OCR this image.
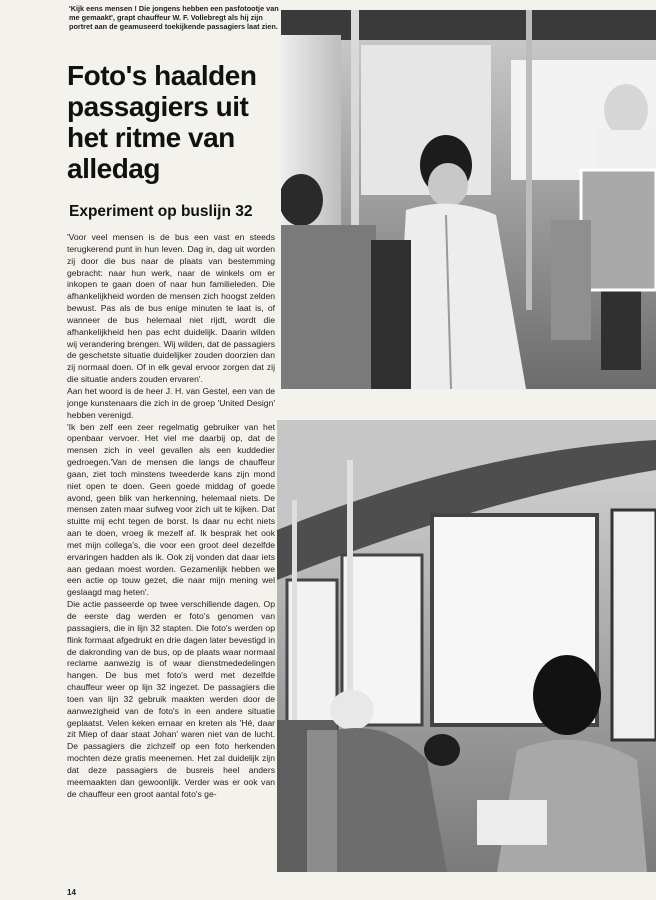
'Kijk eens mensen ! Die jongens hebben een pasfotootje van me gemaakt', grapt chauffeur W. F. Vollebregt als hij zijn portret aan de geamuseerd toekijkende passagiers laat zien.
Foto's haalden passagiers uit het ritme van alledag
Experiment op buslijn 32

'Voor veel mensen is de bus een vast en steeds terugkerend punt in hun leven. Dag in, dag uit worden zij door die bus naar de plaats van bestemming gebracht: naar hun werk, naar de winkels om er inkopen te gaan doen of naar hun familieleden. Die afhankelijkheid worden de mensen zich hoogst zelden bewust. Pas als de bus enige minuten te laat is, of wanneer de bus helemaal niet rijdt, wordt die afhankelijkheid hen pas echt duidelijk. Daarin wilden wij verandering brengen. Wij wilden, dat de passagiers de geschetste situatie duidelijker zouden doorzien dan zij normaal doen. Of in elk geval ervoor zorgen dat zij die situatie anders zouden ervaren'.

Aan het woord is de heer J. H. van Gestel, een van de jonge kunstenaars die zich in de groep 'United Design' hebben verenigd.

'Ik ben zelf een zeer regelmatig gebruiker van het openbaar vervoer. Het viel me daarbij op, dat de mensen zich in veel gevallen als een kuddedier gedroegen.'Van de mensen die langs de chauffeur gaan, ziet toch minstens tweederde kans zijn mond niet open te doen. Geen goede middag of goede avond, geen blik van herkenning, helemaal niets. De mensen zaten maar sufweg voor zich uit te kijken. Dat stuitte mij echt tegen de borst. Is daar nu echt niets aan te doen, vroeg ik mezelf af. Ik besprak het ook met mijn collega's, die voor een groot deel dezelfde ervaringen hadden als ik. Ook zij vonden dat daar iets aan gedaan moest worden. Gezamenlijk hebben we een actie op touw gezet, die naar mijn mening wel geslaagd mag heten'.

Die actie passeerde op twee verschillende dagen. Op de eerste dag werden er foto's genomen van passagiers, die in lijn 32 stapten. Die foto's werden op flink formaat afgedrukt en drie dagen later bevestigd in de dakronding van de bus, op de plaats waar normaal reclame aanwezig is of waar dienstmededelingen hangen. De bus met foto's werd met dezelfde chauffeur weer op lijn 32 ingezet. De passagiers die toen van lijn 32 gebruik maakten werden door de aanwezigheid van de foto's in een andere situatie geplaatst. Velen keken ernaar en kreten als 'Hé, daar zit Miep of daar staat Johan' waren niet van de lucht. De passagiers die zichzelf op een foto herkenden mochten deze gratis meenemen. Het zal duidelijk zijn dat deze passagiers de busreis heel anders meemaakten dan gewoonlijk. Verder was er ook van de chauffeur een groot aantal foto's ge-

14
